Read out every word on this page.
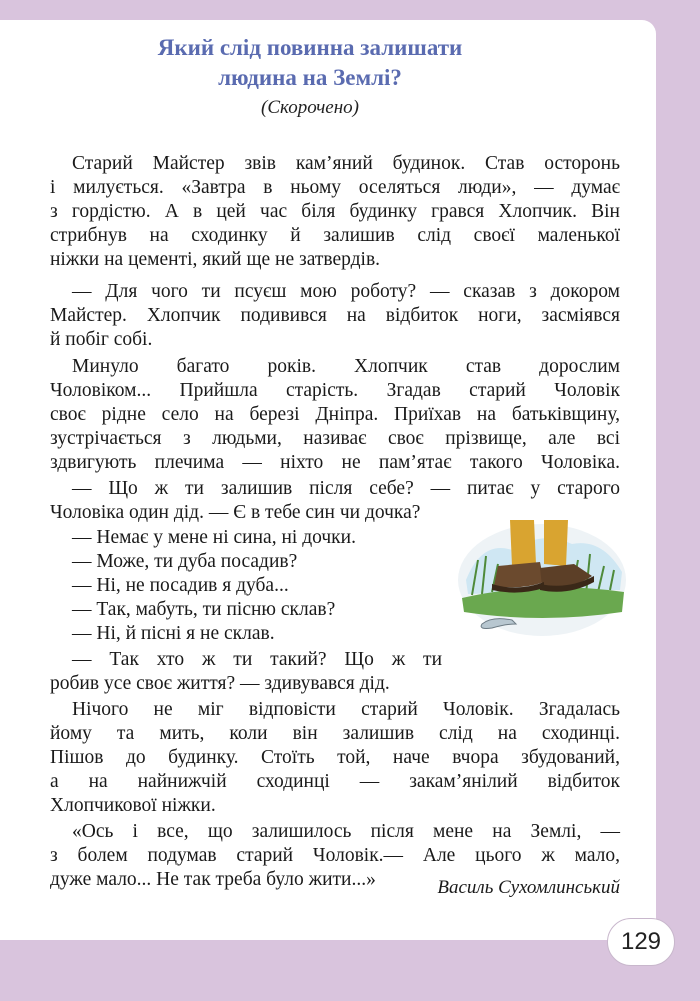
Який слід повинна залишати
людина на Землі?
(Скорочено)
Старий Майстер звів кам’яний будинок. Став осторонь
і милується. «Завтра в ньому оселяться люди», — думає
з гордістю. А в цей час біля будинку грався Хлопчик. Він
стрибнув на сходинку й залишив слід своєї маленької
ніжки на цементі, який ще не затвердів.
— Для чого ти псуєш мою роботу? — сказав з докором
Майстер. Хлопчик подивився на відбиток ноги, засміявся
й побіг собі.
Минуло багато років. Хлопчик став дорослим
Чоловіком... Прийшла старість. Згадав старий Чоловік
своє рідне село на березі Дніпра. Приїхав на батьківщину,
зустрічається з людьми, називає своє прізвище, але всі
здвигують плечима — ніхто не пам’ятає такого Чоловіка.
— Що ж ти залишив після себе? — питає у старого
Чоловіка один дід. — Є в тебе син чи дочка?
— Немає у мене ні сина, ні дочки.
— Може, ти дуба посадив?
— Ні, не посадив я дуба...
— Так, мабуть, ти пісню склав?
— Ні, й пісні я не склав.
— Так хто ж ти такий? Що ж ти
робив усе своє життя? — здивувався дід.
Нічого не міг відповісти старий Чоловік. Згадалась
йому та мить, коли він залишив слід на сходинці.
Пішов до будинку. Стоїть той, наче вчора збудований,
а на найнижчій сходинці — закам’янілий відбиток
Хлопчикової ніжки.
«Ось і все, що залишилось після мене на Землі, —
з болем подумав старий Чоловік.— Але цього ж мало,
дуже мало... Не так треба було жити...»	Василь Сухомлинський
129
